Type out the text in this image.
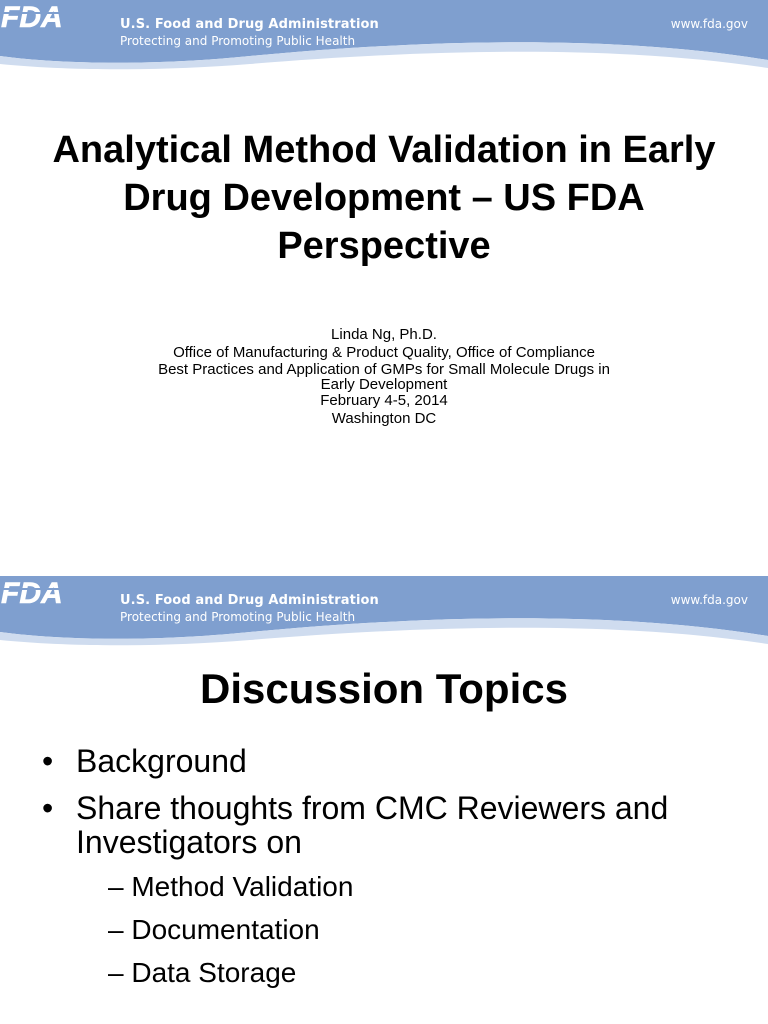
FDA	U.S. Food and Drug Administration
Protecting and Promoting Public Health
www.fda.gov
Analytical Method Validation in Early Drug Development – US FDA Perspective
Linda Ng, Ph.D.
Office of Manufacturing & Product Quality, Office of Compliance
Best Practices and Application of GMPs for Small Molecule Drugs in
Early Development
February 4-5, 2014
Washington DC
FDA	U.S. Food and Drug Administration
Protecting and Promoting Public Health
www.fda.gov
Discussion Topics
• Background
• Share thoughts from CMC Reviewers and Investigators on
– Method Validation
– Documentation
– Data Storage
